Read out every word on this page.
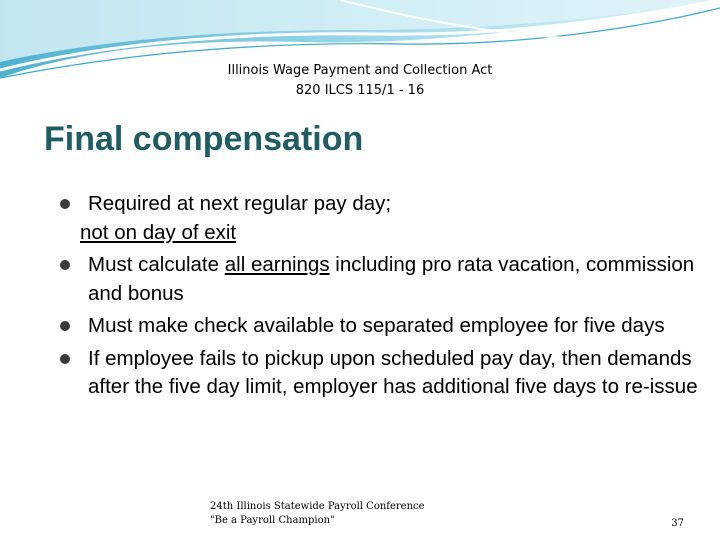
Illinois Wage Payment and Collection Act
820 ILCS 115/1 - 16
Final compensation
Required at next regular pay day;
not on day of exit
Must calculate all earnings including pro rata vacation, commission and bonus
Must make check available to separated employee for five days
If employee fails to pickup upon scheduled pay day, then demands after the five day limit, employer has additional five days to re-issue
24th Illinois Statewide Payroll Conference
"Be a Payroll Champion"	37
